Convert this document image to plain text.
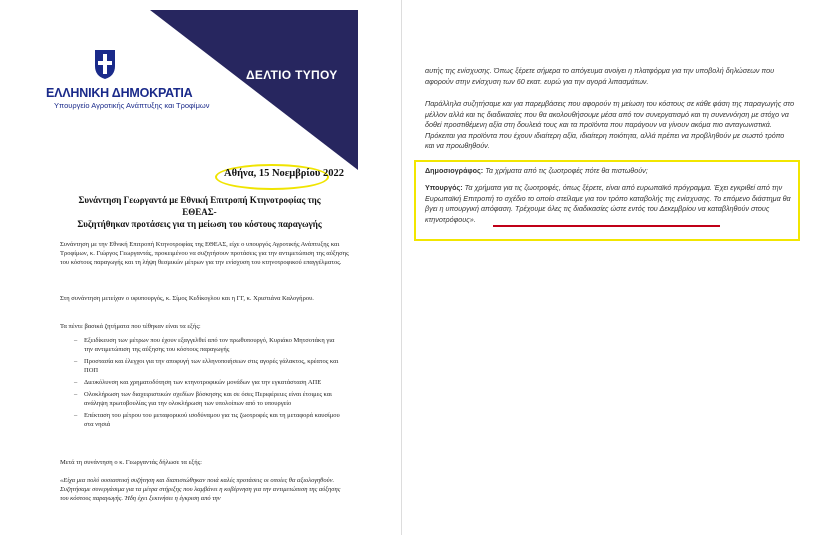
ΔΕΛΤΙΟ ΤΥΠΟΥ
ΕΛΛΗΝΙΚΗ ΔΗΜΟΚΡΑΤΙΑ
Υπουργείο Αγροτικής Ανάπτυξης και Τροφίμων
Αθήνα, 15 Νοεμβρίου 2022
Συνάντηση Γεωργαντά με Εθνική Επιτροπή Κτηνοτροφίας της ΕΘΕΑΣ-
Συζητήθηκαν προτάσεις για τη μείωση του κόστους παραγωγής

Συνάντηση με την Εθνική Επιτροπή Κτηνοτροφίας της ΕΘΕΑΣ, είχε ο υπουργός Αγροτικής Ανάπτυξης και Τροφίμων, κ. Γιώργος Γεωργαντάς, προκειμένου να συζητήσουν προτάσεις για την αντιμετώπιση της αύξησης του κόστους παραγωγής και τη λήψη θεσμικών μέτρων για την ενίσχυση του κτηνοτροφικού επαγγέλματος.

Στη συνάντηση μετείχαν ο υφυπουργός, κ. Σίμος Κεδίκογλου και η ΓΓ, κ. Χριστιάνα Καλογήρου.

Τα πέντε βασικά ζητήματα που τέθηκαν είναι τα εξής:

– Εξειδίκευση των μέτρων που έχουν εξαγγελθεί από τον πρωθυπουργό, Κυριάκο Μητσοτάκη για την αντιμετώπιση της αύξησης του κόστους παραγωγής
– Προστασία και έλεγχοι για την αποφυγή των ελληνοποιήσεων στις αγορές γάλακτος, κρέατος και ΠΟΠ
– Διευκόλυνση και χρηματοδότηση των κτηνοτροφικών μονάδων για την εγκατάσταση ΑΠΕ
– Ολοκλήρωση των διαχειριστικών σχεδίων βόσκησης και σε όσες Περιφέρειες είναι έτοιμες και ανάληψη πρωτοβουλίας για την ολοκλήρωση των υπολοίπων από το υπουργείο
– Επέκταση του μέτρου του μεταφορικού ισοδύναμου για τις ζωοτροφές και τη μεταφορά καυσίμου στα νησιά

Μετά τη συνάντηση ο κ. Γεωργαντάς δήλωσε τα εξής:

«Είχα μια πολύ ουσιαστική συζήτηση και διαπιστώθηκαν ποιά καλές προτάσεις οι οποίες θα αξιολογηθούν. Συζητήσαμε συνεργάσιμα για τα μέτρα στήριξης που λαμβάνει η κυβέρνηση για την αντιμετώπιση της αύξησης του κόστους παραγωγής. Ήδη έχει ξεκινήσει η έγκριση από την

αυτής της ενίσχυσης. Όπως ξέρετε σήμερα το απόγευμα ανοίγει η πλατφόρμα για την υποβολή δηλώσεων που αφορούν στην ενίσχυση των 60 εκατ. ευρώ για την αγορά λιπασμάτων.
Παράλληλα συζητήσαμε και για παρεμβάσεις που αφορούν τη μείωση του κόστους σε κάθε φάση της παραγωγής στο μέλλον αλλά και τις διαδικασίες που θα ακολουθήσουμε μέσα από τον συνεργατισμό και τη συνεννόηση με στόχο να δοθεί προστιθέμενη αξία στη δουλειά τους και τα προϊόντα που παράγουν να γίνουν ακόμα πιο ανταγωνιστικά. Πρόκειται για προϊόντα που έχουν ιδιαίτερη αξία, ιδιαίτερη ποιότητα, αλλά πρέπει να προβληθούν με σωστό τρόπο και να προωθηθούν.
Δημοσιογράφος: Τα χρήματα από τις ζωοτροφές πότε θα πιστωθούν;
Υπουργός: Τα χρήματα για τις ζωοτροφές, όπως ξέρετε, είναι από ευρωπαϊκό πρόγραμμα. Έχει εγκριθεί από την Ευρωπαϊκή Επιτροπή το σχέδιο το οποίο στείλαμε για τον τρόπο καταβολής της ενίσχυσης. Το επόμενο διάστημα θα βγει η υπουργική απόφαση. Τρέχουμε όλες τις διαδικασίες ώστε εντός του Δεκεμβρίου να καταβληθούν στους κτηνοτρόφους».
